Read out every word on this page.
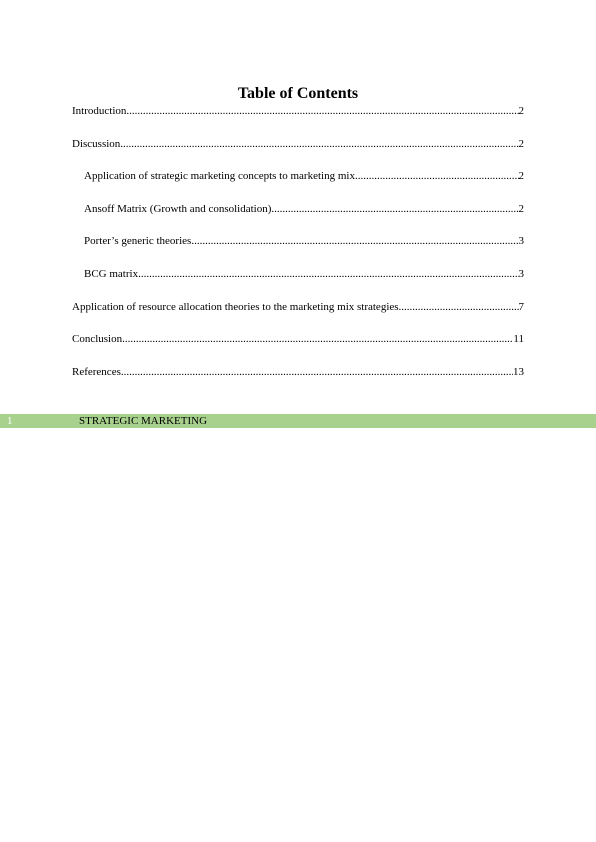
Table of Contents
Introduction .....	2
Discussion .....	2
Application of strategic marketing concepts to marketing mix .....	2
Ansoff Matrix (Growth and consolidation) .....	2
Porter’s generic theories .....	3
BCG matrix .....	3
Application of resource allocation theories to the marketing mix strategies .....	7
Conclusion .....	11
References .....	13
1	STRATEGIC MARKETING
